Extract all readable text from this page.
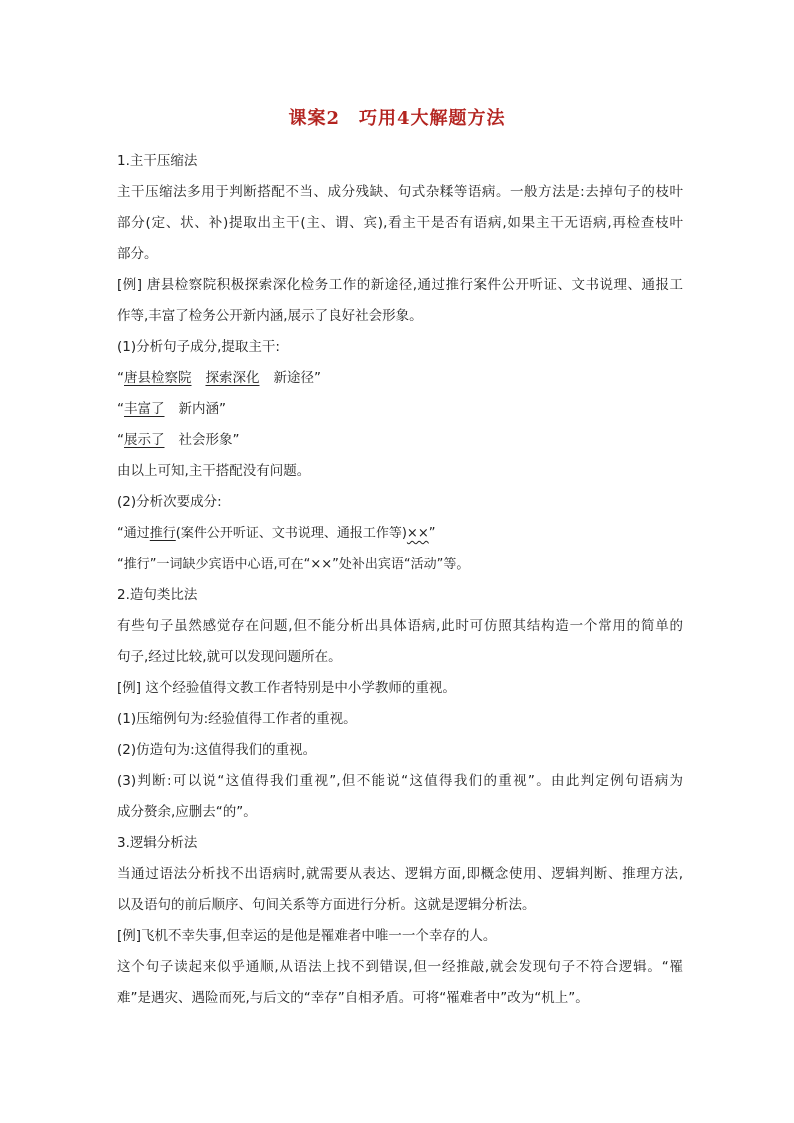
课案2　巧用4大解题方法
1.主干压缩法
主干压缩法多用于判断搭配不当、成分残缺、句式杂糅等语病。一般方法是:去掉句子的枝叶
部分(定、状、补)提取出主干(主、谓、宾),看主干是否有语病,如果主干无语病,再检查枝叶
部分。
[例] 唐县检察院积极探索深化检务工作的新途径,通过推行案件公开听证、文书说理、通报工
作等,丰富了检务公开新内涵,展示了良好社会形象。
(1)分析句子成分,提取主干:
“唐县检察院 探索深化 新途径”
“丰富了 新内涵”
“展示了 社会形象”
由以上可知,主干搭配没有问题。
(2)分析次要成分:
“通过推行(案件公开听证、文书说理、通报工作等)××”
“推行”一词缺少宾语中心语,可在“××”处补出宾语“活动”等。
2.造句类比法
有些句子虽然感觉存在问题,但不能分析出具体语病,此时可仿照其结构造一个常用的简单的
句子,经过比较,就可以发现问题所在。
[例] 这个经验值得文教工作者特别是中小学教师的重视。
(1)压缩例句为:经验值得工作者的重视。
(2)仿造句为:这值得我们的重视。
(3)判断:可以说“这值得我们重视”,但不能说“这值得我们的重视”。由此判定例句语病为
成分赘余,应删去“的”。
3.逻辑分析法
当通过语法分析找不出语病时,就需要从表达、逻辑方面,即概念使用、逻辑判断、推理方法,
以及语句的前后顺序、句间关系等方面进行分析。这就是逻辑分析法。
[例]飞机不幸失事,但幸运的是他是罹难者中唯一一个幸存的人。
这个句子读起来似乎通顺,从语法上找不到错误,但一经推敲,就会发现句子不符合逻辑。“罹
难”是遇灾、遇险而死,与后文的“幸存”自相矛盾。可将“罹难者中”改为“机上”。
